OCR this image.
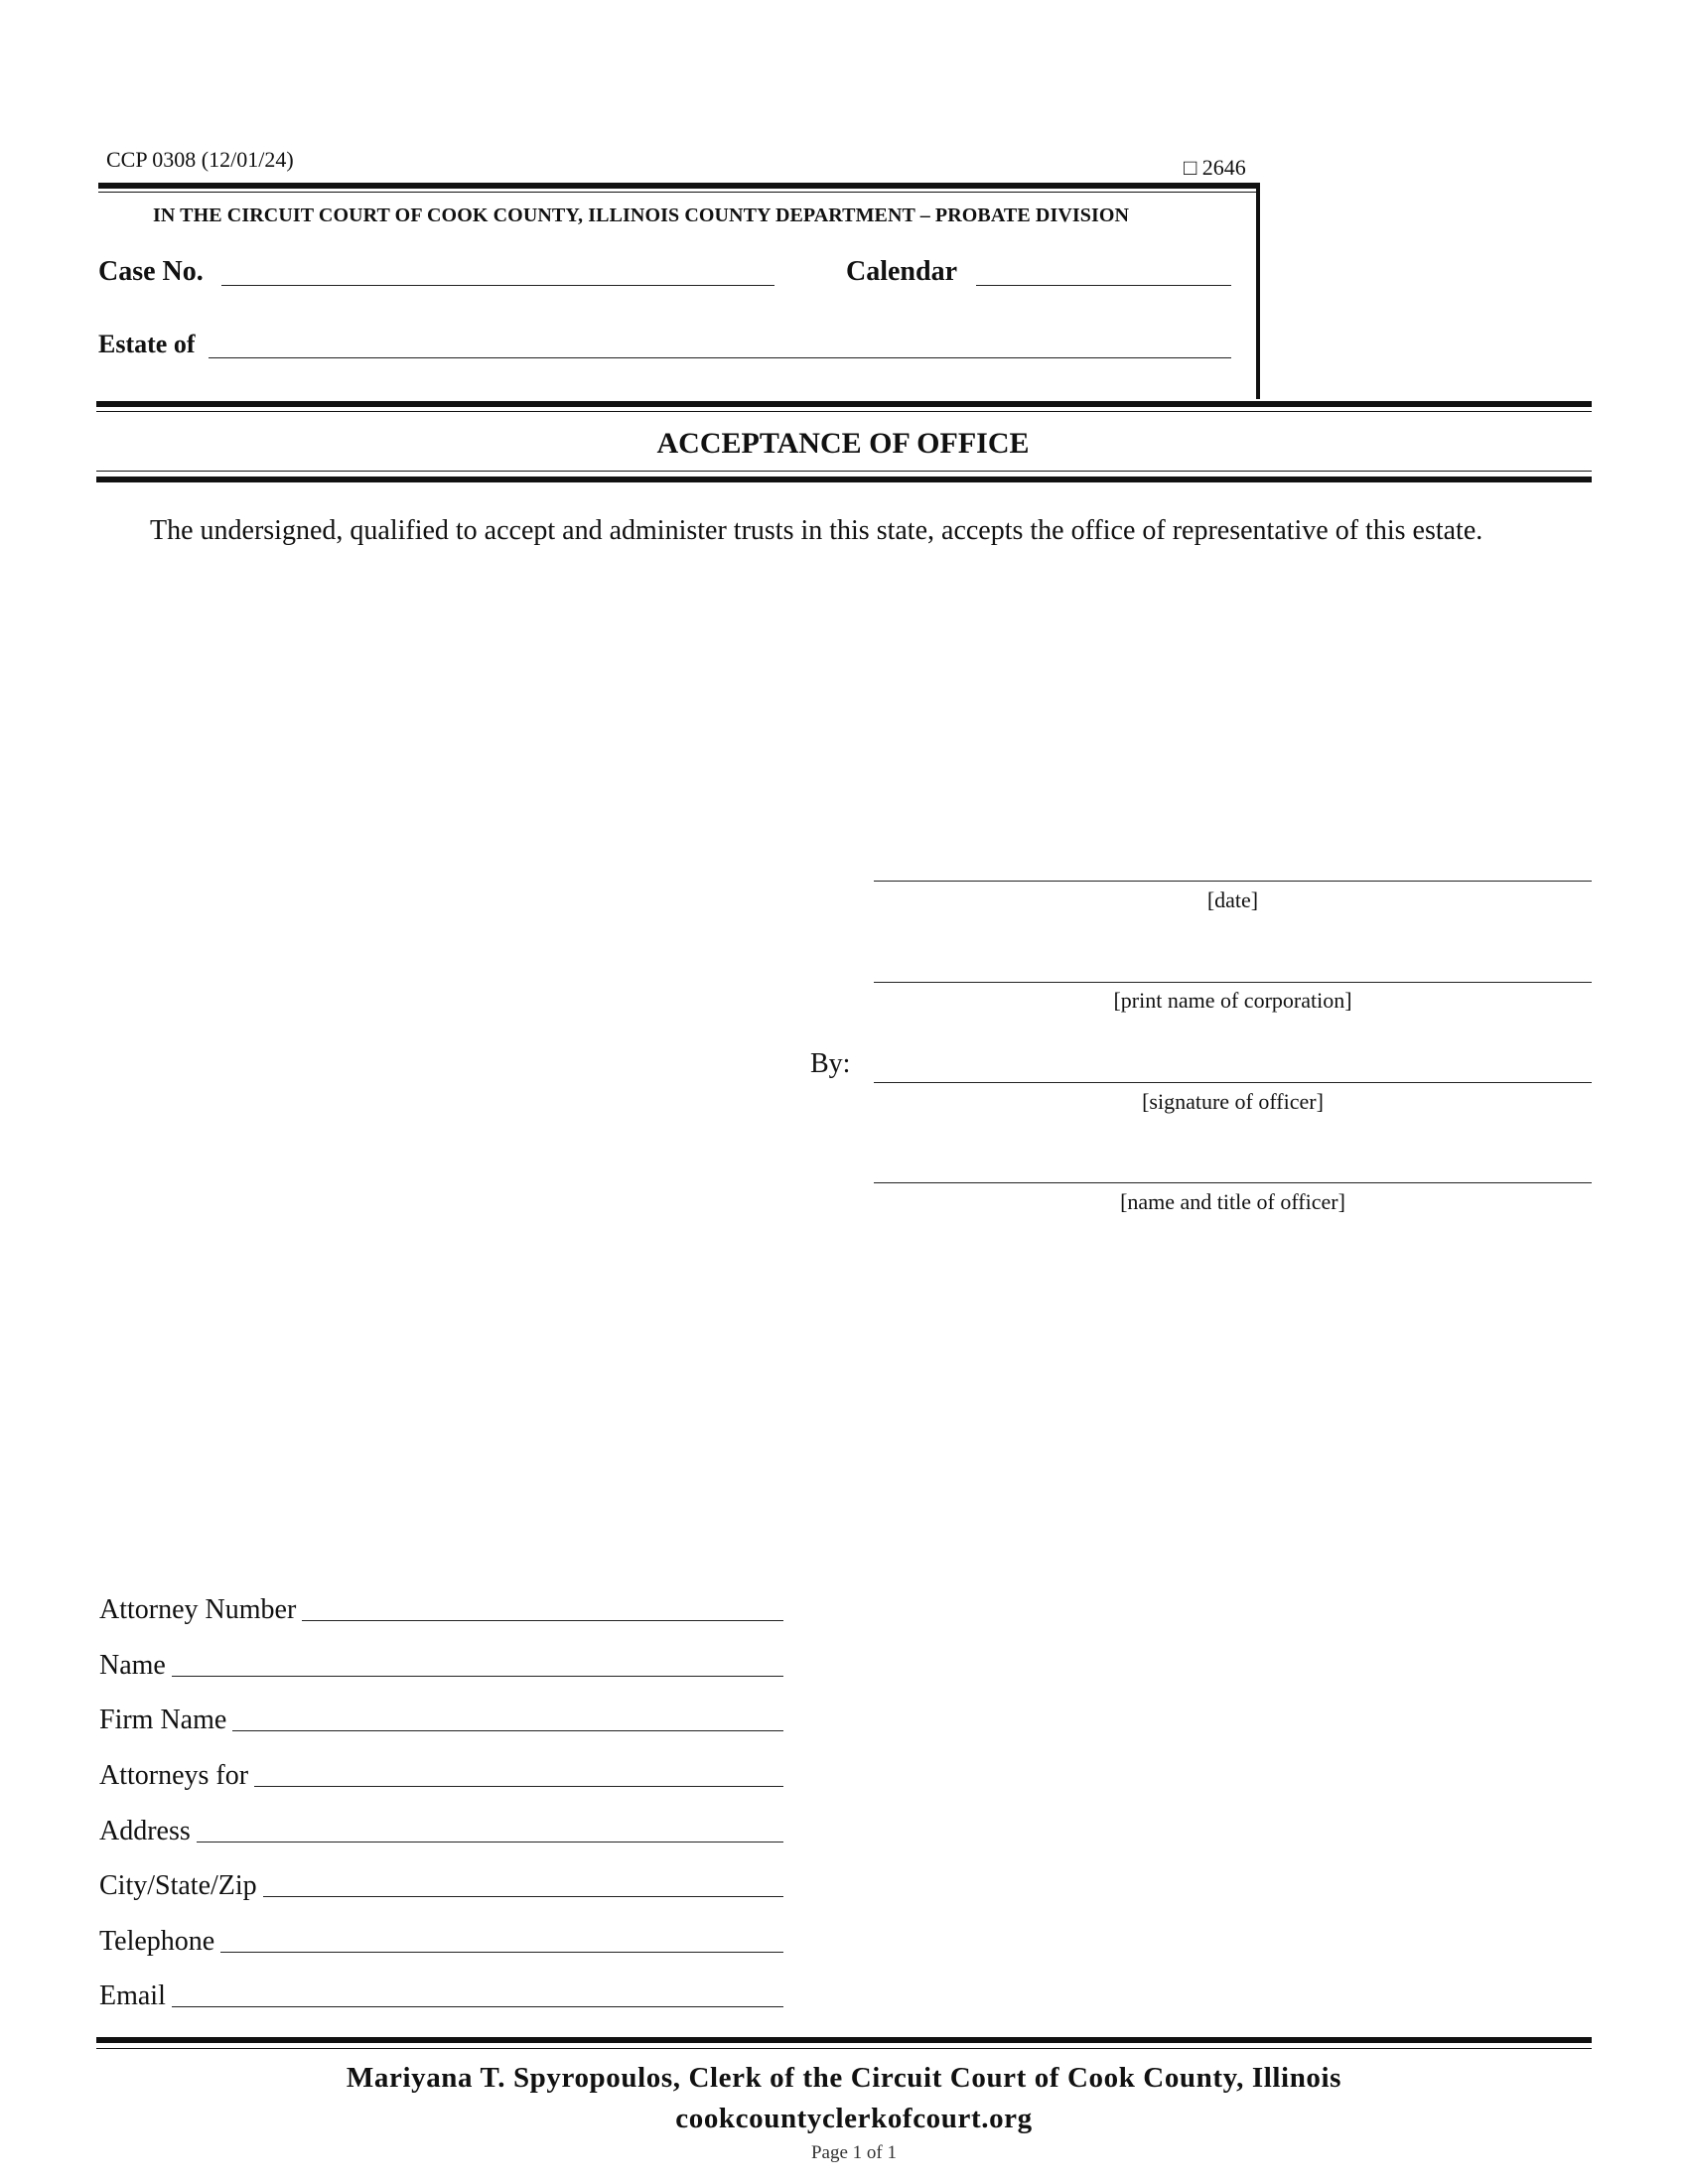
CCP 0308 (12/01/24)	□ 2646
IN THE CIRCUIT COURT OF COOK COUNTY, ILLINOIS COUNTY DEPARTMENT – PROBATE DIVISION
Case No.	Calendar
Estate of
ACCEPTANCE OF OFFICE
The undersigned, qualified to accept and administer trusts in this state, accepts the office of representative of this estate.
[date]
[print name of corporation]
By:
[signature of officer]
[name and title of officer]
Attorney Number
Name
Firm Name
Attorneys for
Address
City/State/Zip
Telephone
Email
Mariyana T. Spyropoulos, Clerk of the Circuit Court of Cook County, Illinois
cookcountyclerkofcourt.org
Page 1 of 1
